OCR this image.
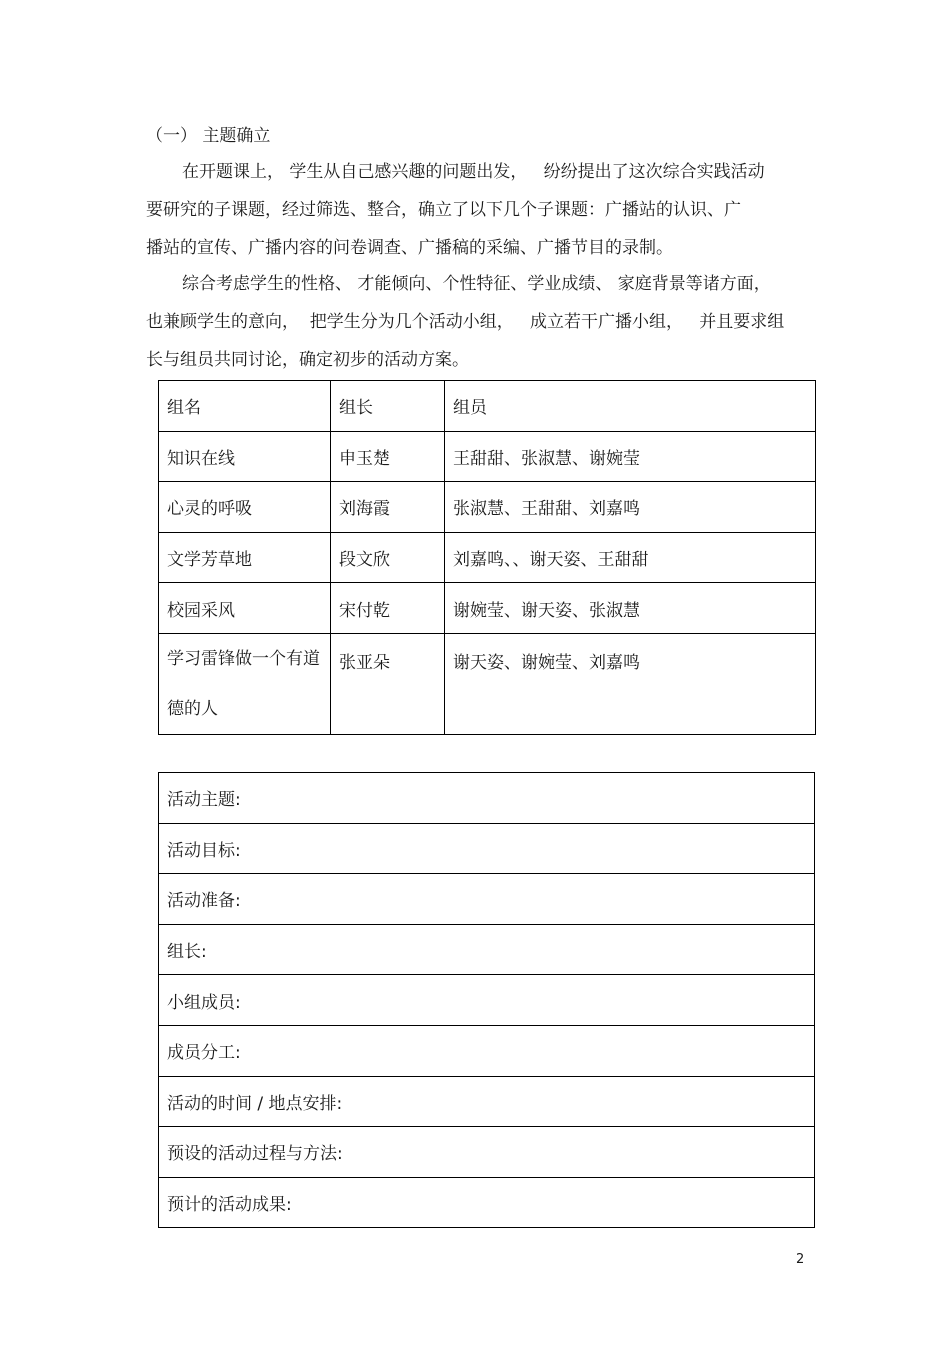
（一） 主题确立
在开题课上， 学生从自己感兴趣的问题出发，   纷纷提出了这次综合实践活动
要研究的子课题，经过筛选、整合，确立了以下几个子课题：广播站的认识、广
播站的宣传、广播内容的问卷调查、广播稿的采编、广播节目的录制。
综合考虑学生的性格、 才能倾向、个性特征、学业成绩、 家庭背景等诸方面，
也兼顾学生的意向，  把学生分为几个活动小组，   成立若干广播小组，   并且要求组
长与组员共同讨论，确定初步的活动方案。
组名	组长	组员
知识在线	申玉楚	王甜甜、张淑慧、谢婉莹
心灵的呼吸	刘海霞	张淑慧、王甜甜、刘嘉鸣
文学芳草地	段文欣	刘嘉鸣、、谢天姿、王甜甜
校园采风	宋付乾	谢婉莹、谢天姿、张淑慧

学习雷锋做一个有道德的人	张亚朵	谢天姿、谢婉莹、刘嘉鸣
活动主题:
活动目标:
活动准备:
组长:
小组成员:
成员分工:
活动的时间 / 地点安排:
预设的活动过程与方法:
预计的活动成果:
2
